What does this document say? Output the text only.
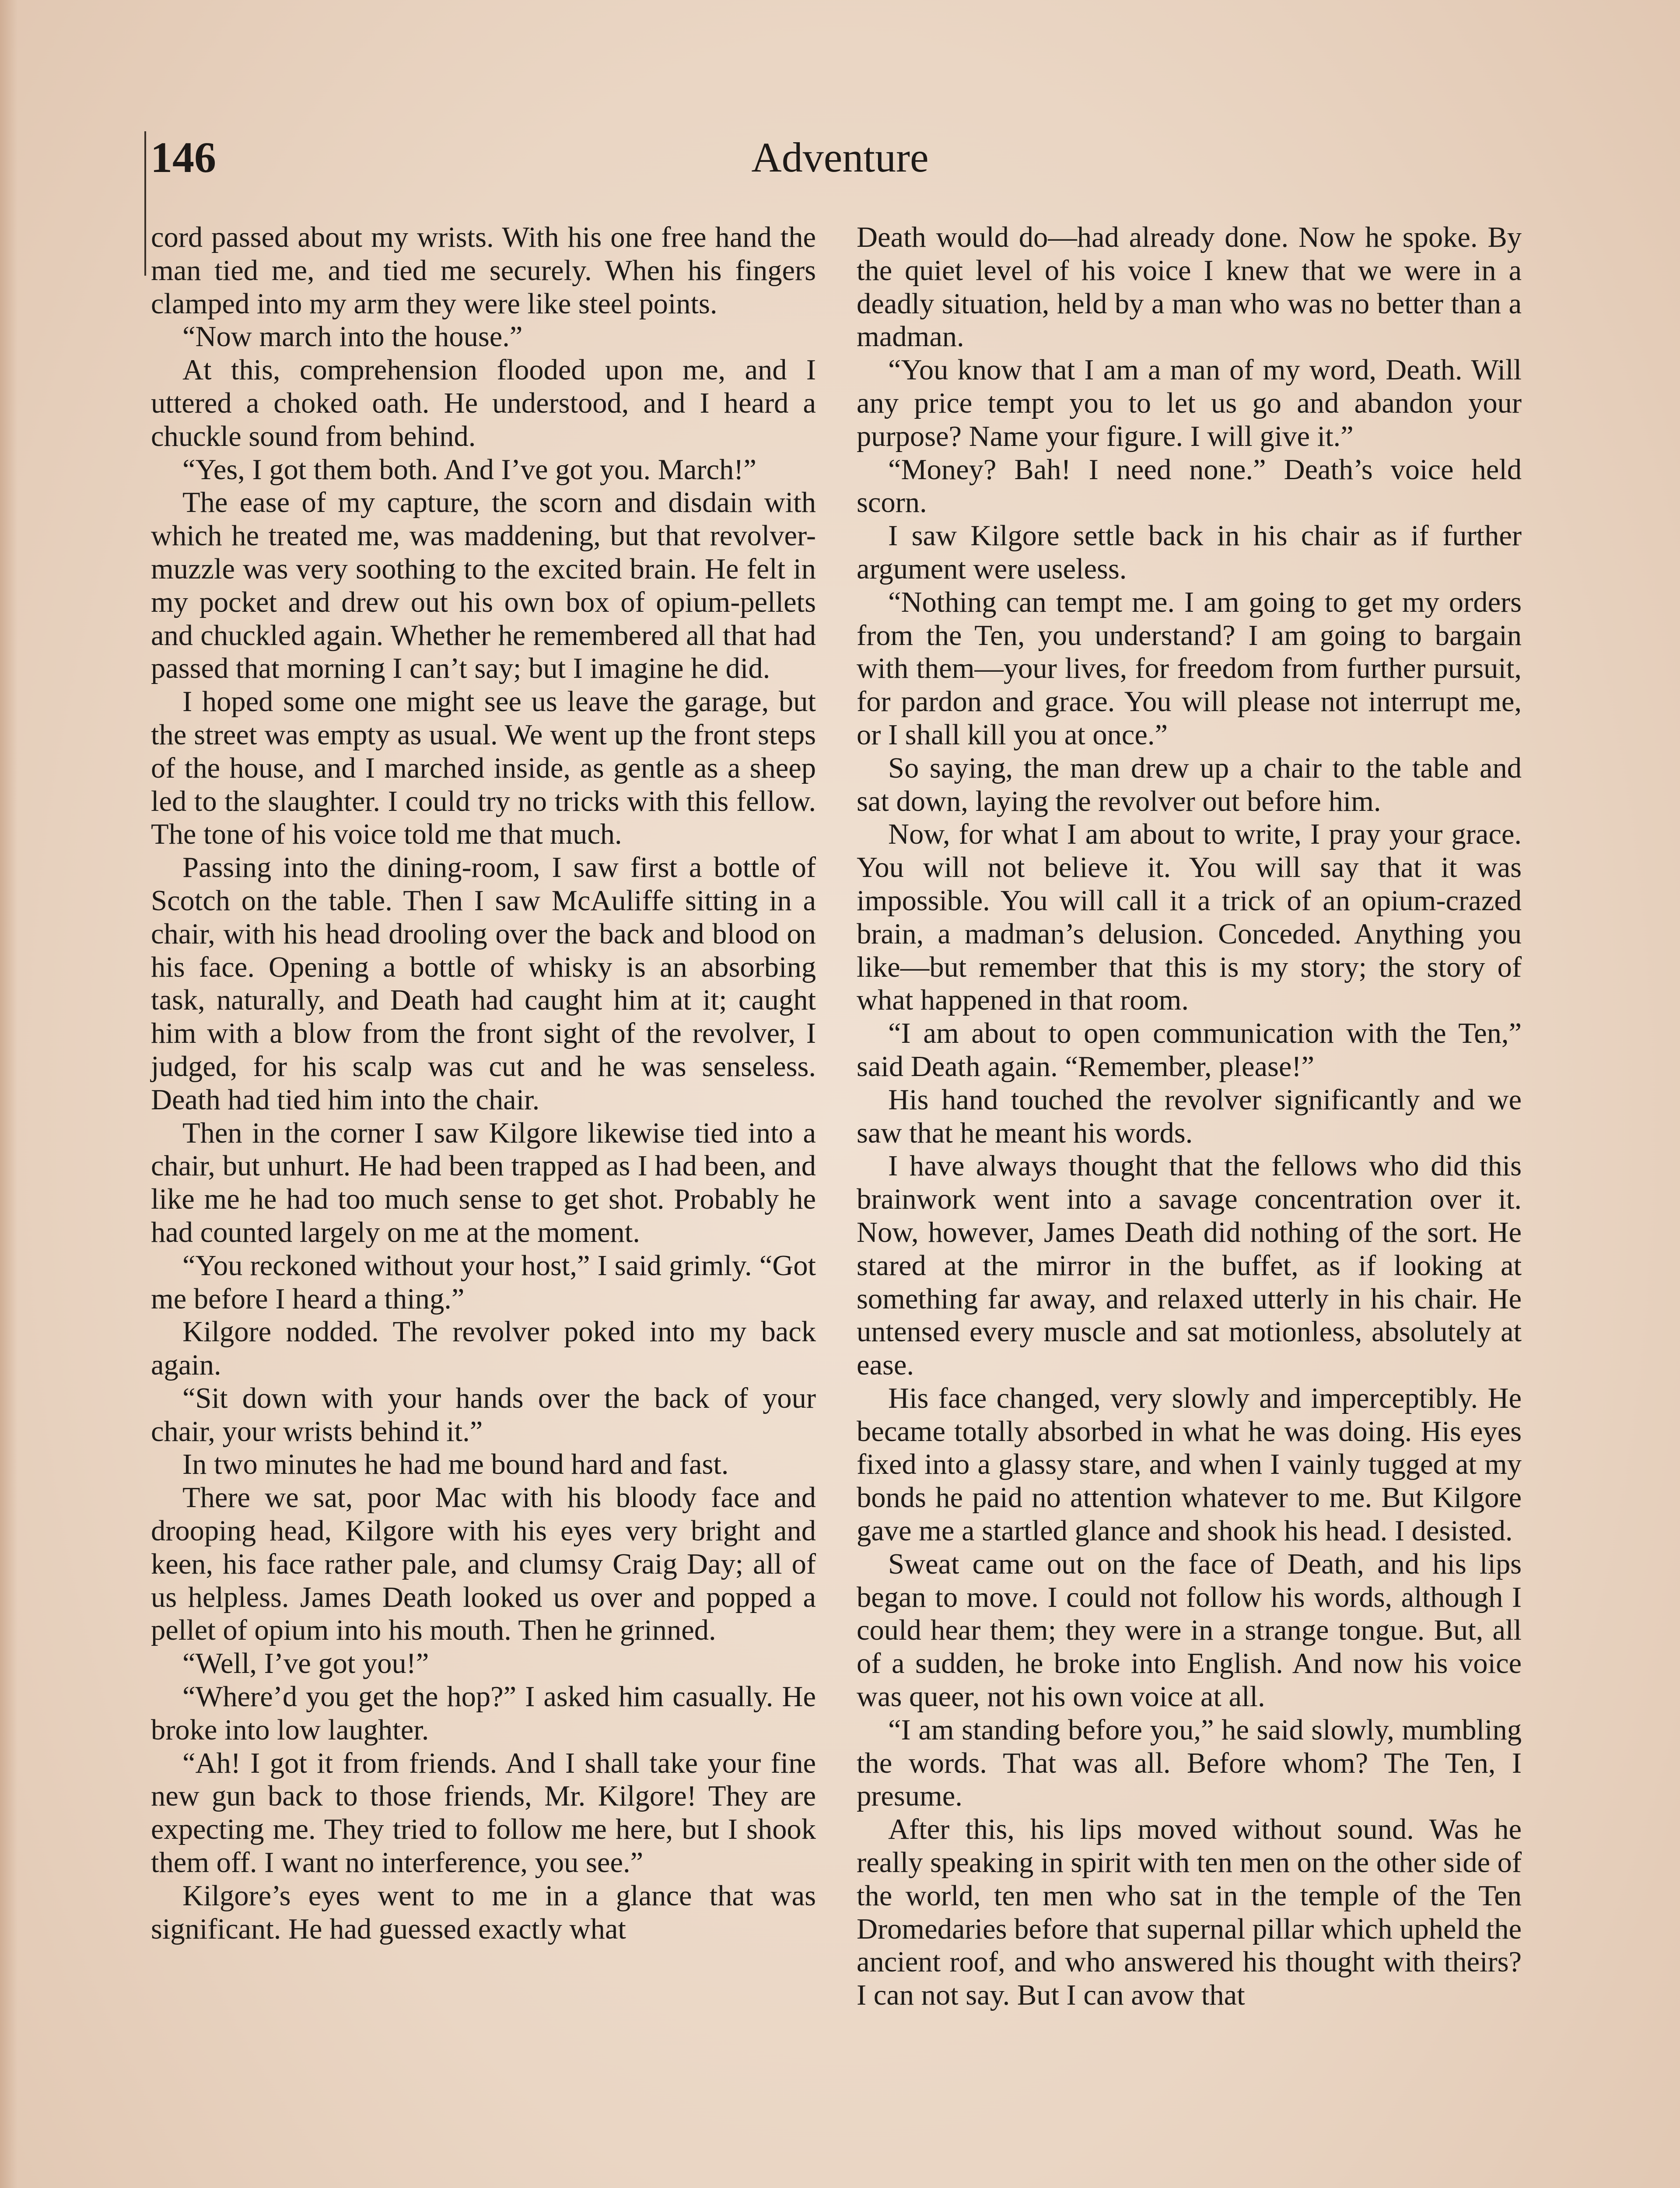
146	Adventure

cord passed about my wrists. With his one free hand the man tied me, and tied me securely. When his fingers clamped into my arm they were like steel points.

“Now march into the house.”

At this, comprehension flooded upon me, and I uttered a choked oath. He understood, and I heard a chuckle sound from behind.

“Yes, I got them both. And I’ve got you. March!”

The ease of my capture, the scorn and disdain with which he treated me, was maddening, but that revolver-muzzle was very soothing to the excited brain. He felt in my pocket and drew out his own box of opium-pellets and chuckled again. Whether he remembered all that had passed that morning I can’t say; but I imagine he did.

I hoped some one might see us leave the garage, but the street was empty as usual. We went up the front steps of the house, and I marched inside, as gentle as a sheep led to the slaughter. I could try no tricks with this fellow. The tone of his voice told me that much.

Passing into the dining-room, I saw first a bottle of Scotch on the table. Then I saw McAuliffe sitting in a chair, with his head drooling over the back and blood on his face. Opening a bottle of whisky is an absorbing task, naturally, and Death had caught him at it; caught him with a blow from the front sight of the revolver, I judged, for his scalp was cut and he was senseless. Death had tied him into the chair.

Then in the corner I saw Kilgore likewise tied into a chair, but unhurt. He had been trapped as I had been, and like me he had too much sense to get shot. Probably he had counted largely on me at the moment.

“You reckoned without your host,” I said grimly. “Got me before I heard a thing.”

Kilgore nodded. The revolver poked into my back again.

“Sit down with your hands over the back of your chair, your wrists behind it.”

In two minutes he had me bound hard and fast.

There we sat, poor Mac with his bloody face and drooping head, Kilgore with his eyes very bright and keen, his face rather pale, and clumsy Craig Day; all of us helpless. James Death looked us over and popped a pellet of opium into his mouth. Then he grinned.

“Well, I’ve got you!”

“Where’d you get the hop?” I asked him casually. He broke into low laughter.

“Ah! I got it from friends. And I shall take your fine new gun back to those friends, Mr. Kilgore! They are expecting me. They tried to follow me here, but I shook them off. I want no interference, you see.”

Kilgore’s eyes went to me in a glance that was significant. He had guessed exactly what

Death would do—had already done. Now he spoke. By the quiet level of his voice I knew that we were in a deadly situation, held by a man who was no better than a madman.

“You know that I am a man of my word, Death. Will any price tempt you to let us go and abandon your purpose? Name your figure. I will give it.”

“Money? Bah! I need none.” Death’s voice held scorn.

I saw Kilgore settle back in his chair as if further argument were useless.

“Nothing can tempt me. I am going to get my orders from the Ten, you understand? I am going to bargain with them—your lives, for freedom from further pursuit, for pardon and grace. You will please not interrupt me, or I shall kill you at once.”

So saying, the man drew up a chair to the table and sat down, laying the revolver out before him.

Now, for what I am about to write, I pray your grace. You will not believe it. You will say that it was impossible. You will call it a trick of an opium-crazed brain, a madman’s delusion. Conceded. Anything you like—but remember that this is my story; the story of what happened in that room.

“I am about to open communication with the Ten,” said Death again. “Remember, please!”

His hand touched the revolver significantly and we saw that he meant his words.

I have always thought that the fellows who did this brainwork went into a savage concentration over it. Now, however, James Death did nothing of the sort. He stared at the mirror in the buffet, as if looking at something far away, and relaxed utterly in his chair. He untensed every muscle and sat motionless, absolutely at ease.

His face changed, very slowly and imperceptibly. He became totally absorbed in what he was doing. His eyes fixed into a glassy stare, and when I vainly tugged at my bonds he paid no attention whatever to me. But Kilgore gave me a startled glance and shook his head. I desisted.

Sweat came out on the face of Death, and his lips began to move. I could not follow his words, although I could hear them; they were in a strange tongue. But, all of a sudden, he broke into English. And now his voice was queer, not his own voice at all.

“I am standing before you,” he said slowly, mumbling the words. That was all. Before whom? The Ten, I presume.

After this, his lips moved without sound. Was he really speaking in spirit with ten men on the other side of the world, ten men who sat in the temple of the Ten Dromedaries before that supernal pillar which upheld the ancient roof, and who answered his thought with theirs? I can not say. But I can avow that
